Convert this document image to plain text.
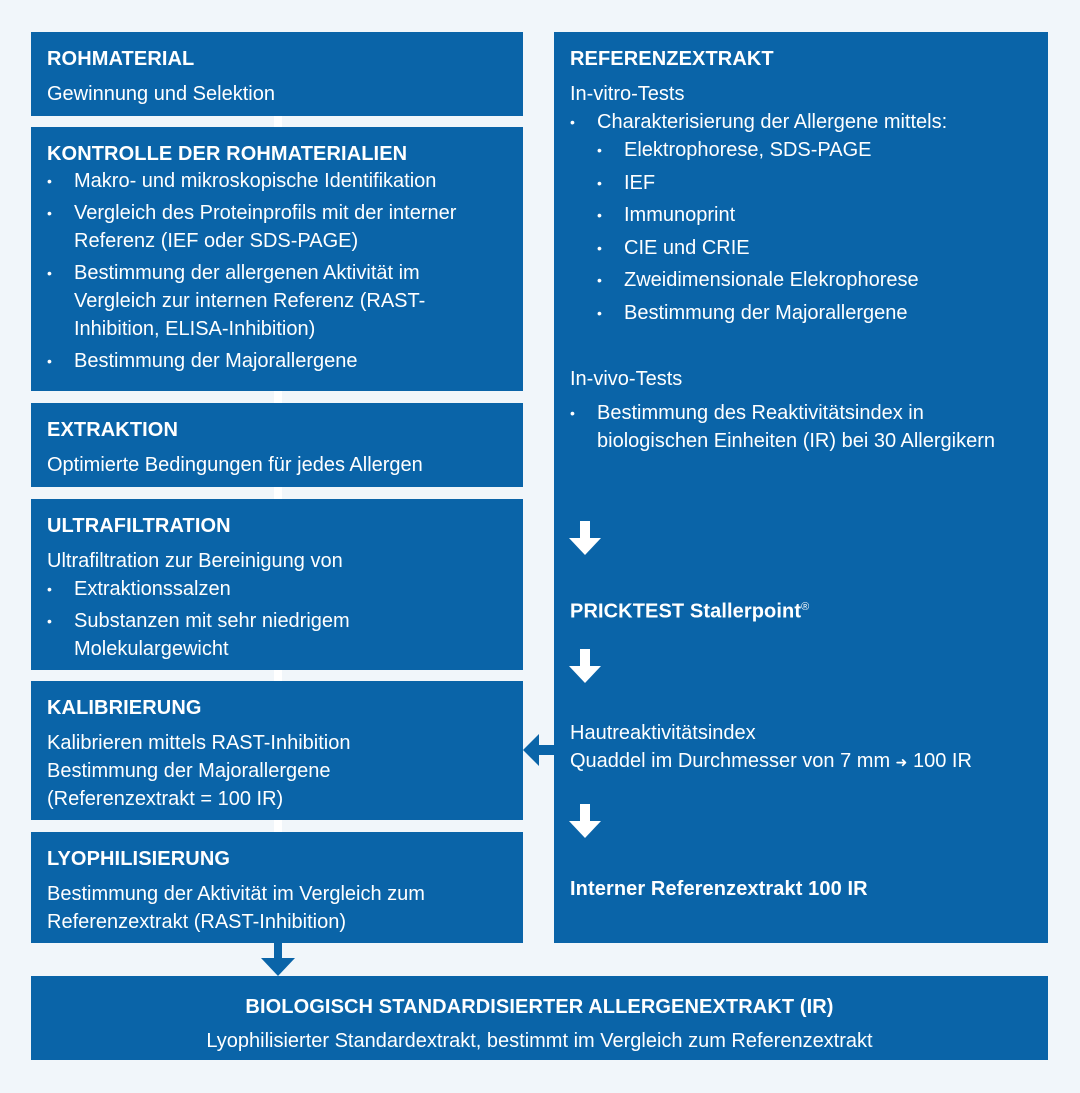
ROHMATERIAL
Gewinnung und Selektion
KONTROLLE DER ROHMATERIALIEN
• Makro- und mikroskopische Identifikation
• Vergleich des Proteinprofils mit der interner Referenz (IEF oder SDS-PAGE)
• Bestimmung der allergenen Aktivität im Vergleich zur internen Referenz (RAST-Inhibition, ELISA-Inhibition)
• Bestimmung der Majorallergene
EXTRAKTION
Optimierte Bedingungen für jedes Allergen
ULTRAFILTRATION
Ultrafiltration zur Bereinigung von
• Extraktionssalzen
• Substanzen mit sehr niedrigem Molekulargewicht
KALIBRIERUNG
Kalibrieren mittels RAST-Inhibition
Bestimmung der Majorallergene
(Referenzextrakt = 100 IR)
LYOPHILISIERUNG
Bestimmung der Aktivität im Vergleich zum Referenzextrakt (RAST-Inhibition)
REFERENZEXTRAKT
In-vitro-Tests
• Charakterisierung der Allergene mittels:
• Elektrophorese, SDS-PAGE
• IEF
• Immunoprint
• CIE und CRIE
• Zweidimensionale Elekrophorese
• Bestimmung der Majorallergene
In-vivo-Tests
• Bestimmung des Reaktivitätsindex in biologischen Einheiten (IR) bei 30 Allergikern
PRICKTEST Stallerpoint®
Hautreaktivitätsindex
Quaddel im Durchmesser von 7 mm ➜ 100 IR
Interner Referenzextrakt 100 IR
BIOLOGISCH STANDARDISIERTER ALLERGENEXTRAKT (IR)
Lyophilisierter Standardextrakt, bestimmt im Vergleich zum Referenzextrakt
